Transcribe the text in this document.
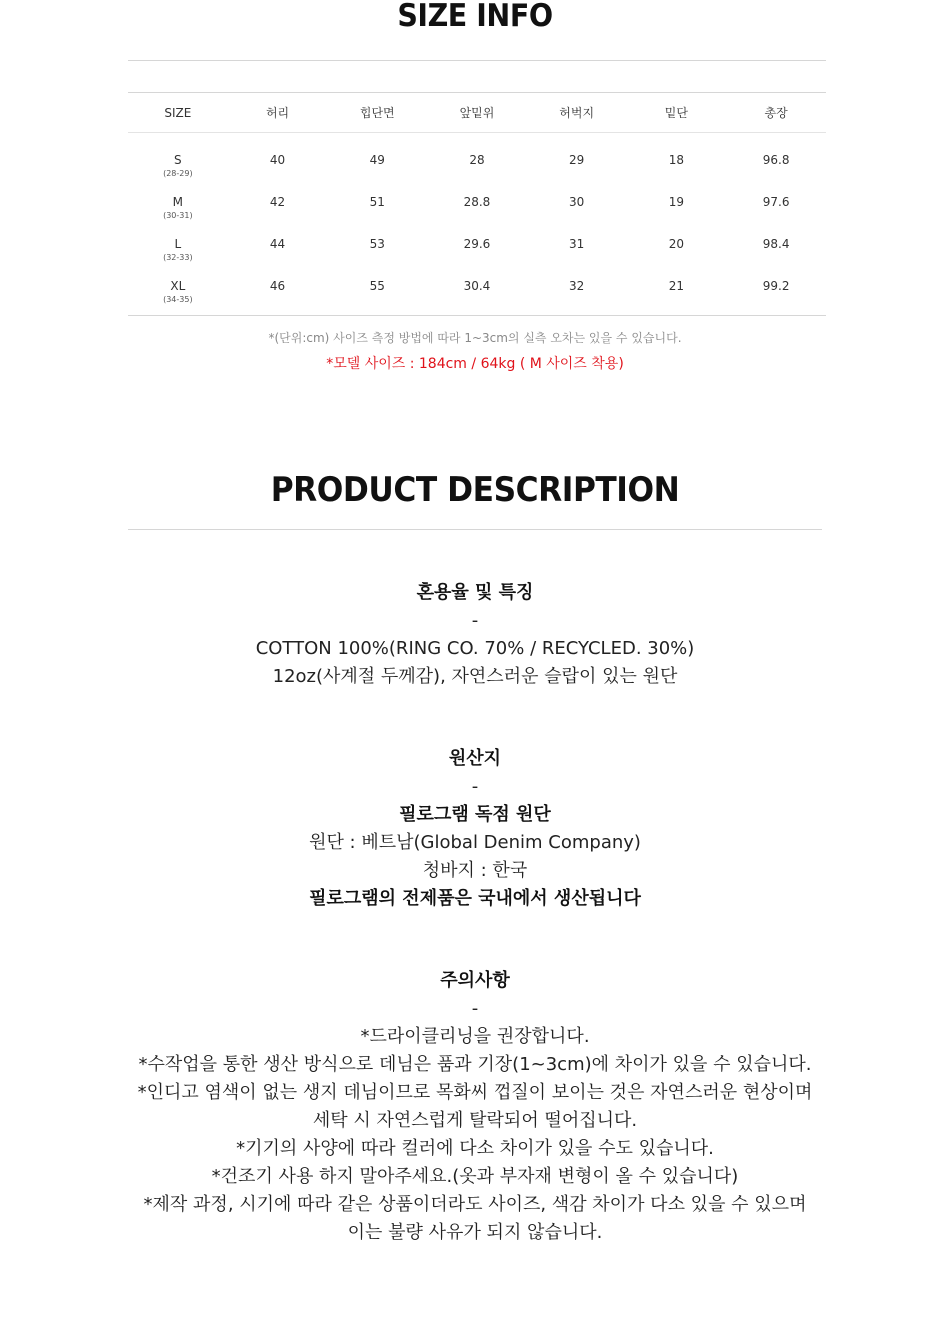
SIZE INFO
SIZE	허리	힙단면	앞밑위	허벅지	밑단	총장

S
(28-29)	40	49	28	29	18	96.8

M
(30-31)	42	51	28.8	30	19	97.6

L
(32-33)	44	53	29.6	31	20	98.4

XL
(34-35)	46	55	30.4	32	21	99.2
*(단위:cm) 사이즈 측정 방법에 따라 1~3cm의 실측 오차는 있을 수 있습니다.
*모델 사이즈 : 184cm / 64kg ( M 사이즈 착용)
PRODUCT DESCRIPTION
혼용율 및 특징
-
COTTON 100%(RING CO. 70% / RECYCLED. 30%)
12oz(사계절 두께감), 자연스러운 슬랍이 있는 원단
원산지
-
필로그램 독점 원단
원단 : 베트남(Global Denim Company)
청바지 : 한국
필로그램의 전제품은 국내에서 생산됩니다
주의사항
-
*드라이클리닝을 권장합니다.
*수작업을 통한 생산 방식으로 데님은 품과 기장(1~3cm)에 차이가 있을 수 있습니다.
*인디고 염색이 없는 생지 데님이므로 목화씨 껍질이 보이는 것은 자연스러운 현상이며
세탁 시 자연스럽게 탈락되어 떨어집니다.
*기기의 사양에 따라 컬러에 다소 차이가 있을 수도 있습니다.
*건조기 사용 하지 말아주세요.(옷과 부자재 변형이 올 수 있습니다)
*제작 과정, 시기에 따라 같은 상품이더라도 사이즈, 색감 차이가 다소 있을 수 있으며
이는 불량 사유가 되지 않습니다.
